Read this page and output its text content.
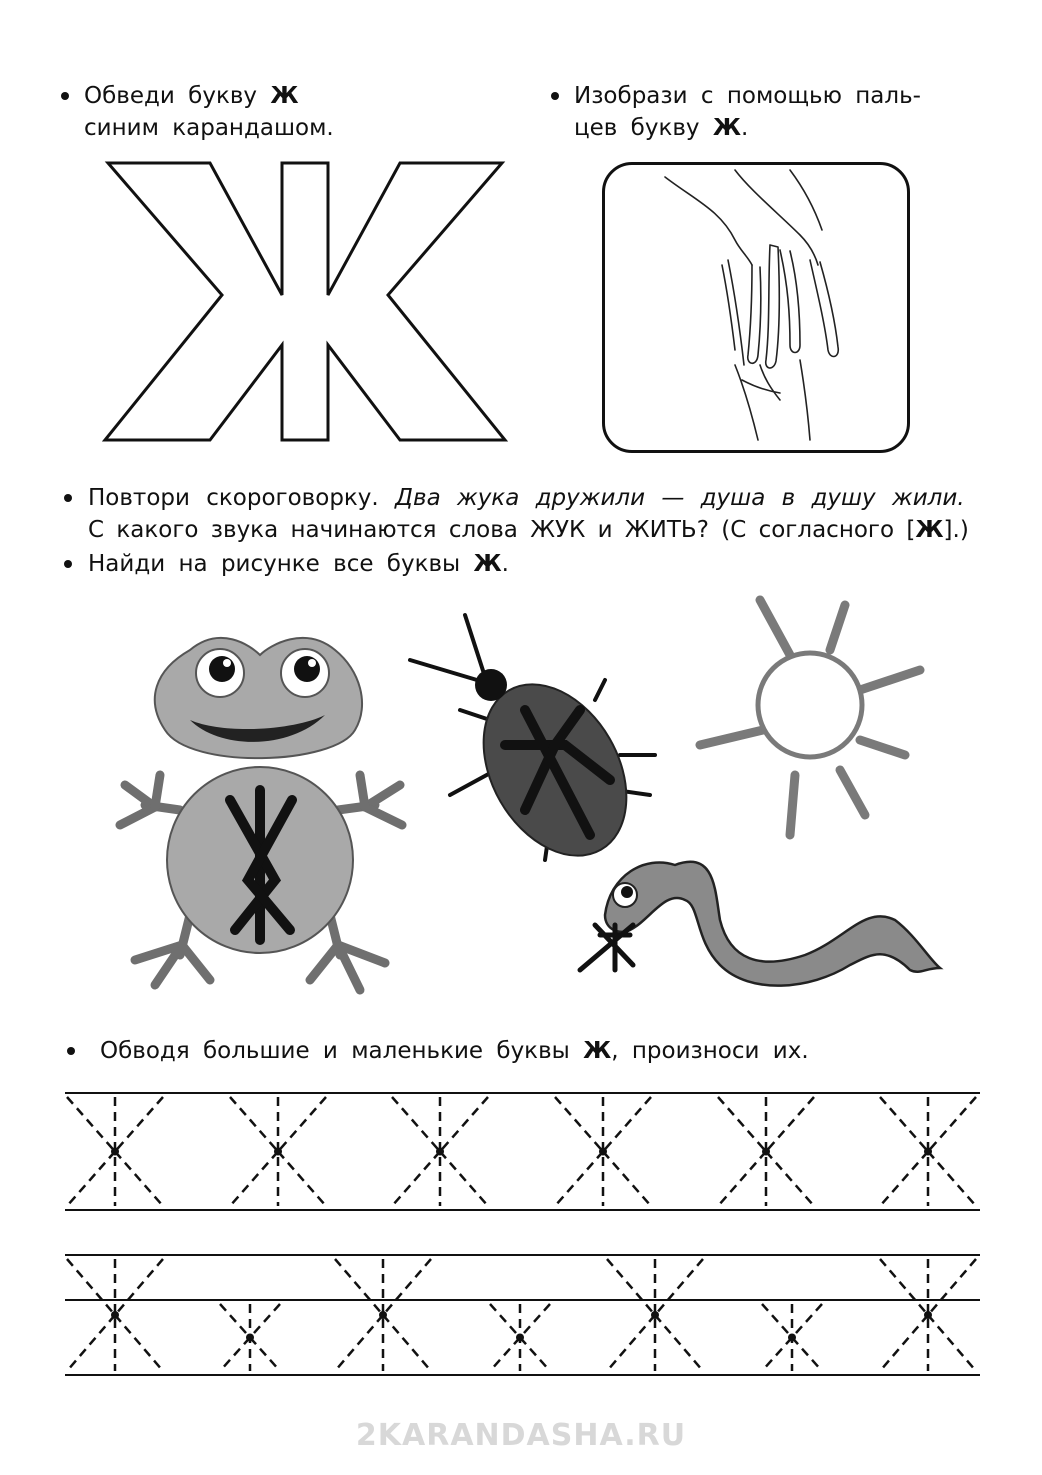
Обведи букву Ж
синим карандашом.
Изобрази с помощью паль-
цев букву Ж.
Повтори скороговорку. Два жука дружили — душа в душу жили.
С какого звука начинаются слова ЖУК и ЖИТЬ? (С согласного [Ж].)
Найди на рисунке все буквы Ж.
Обводя большие и маленькие буквы Ж, произноси их.
2KARANDASHA.RU
